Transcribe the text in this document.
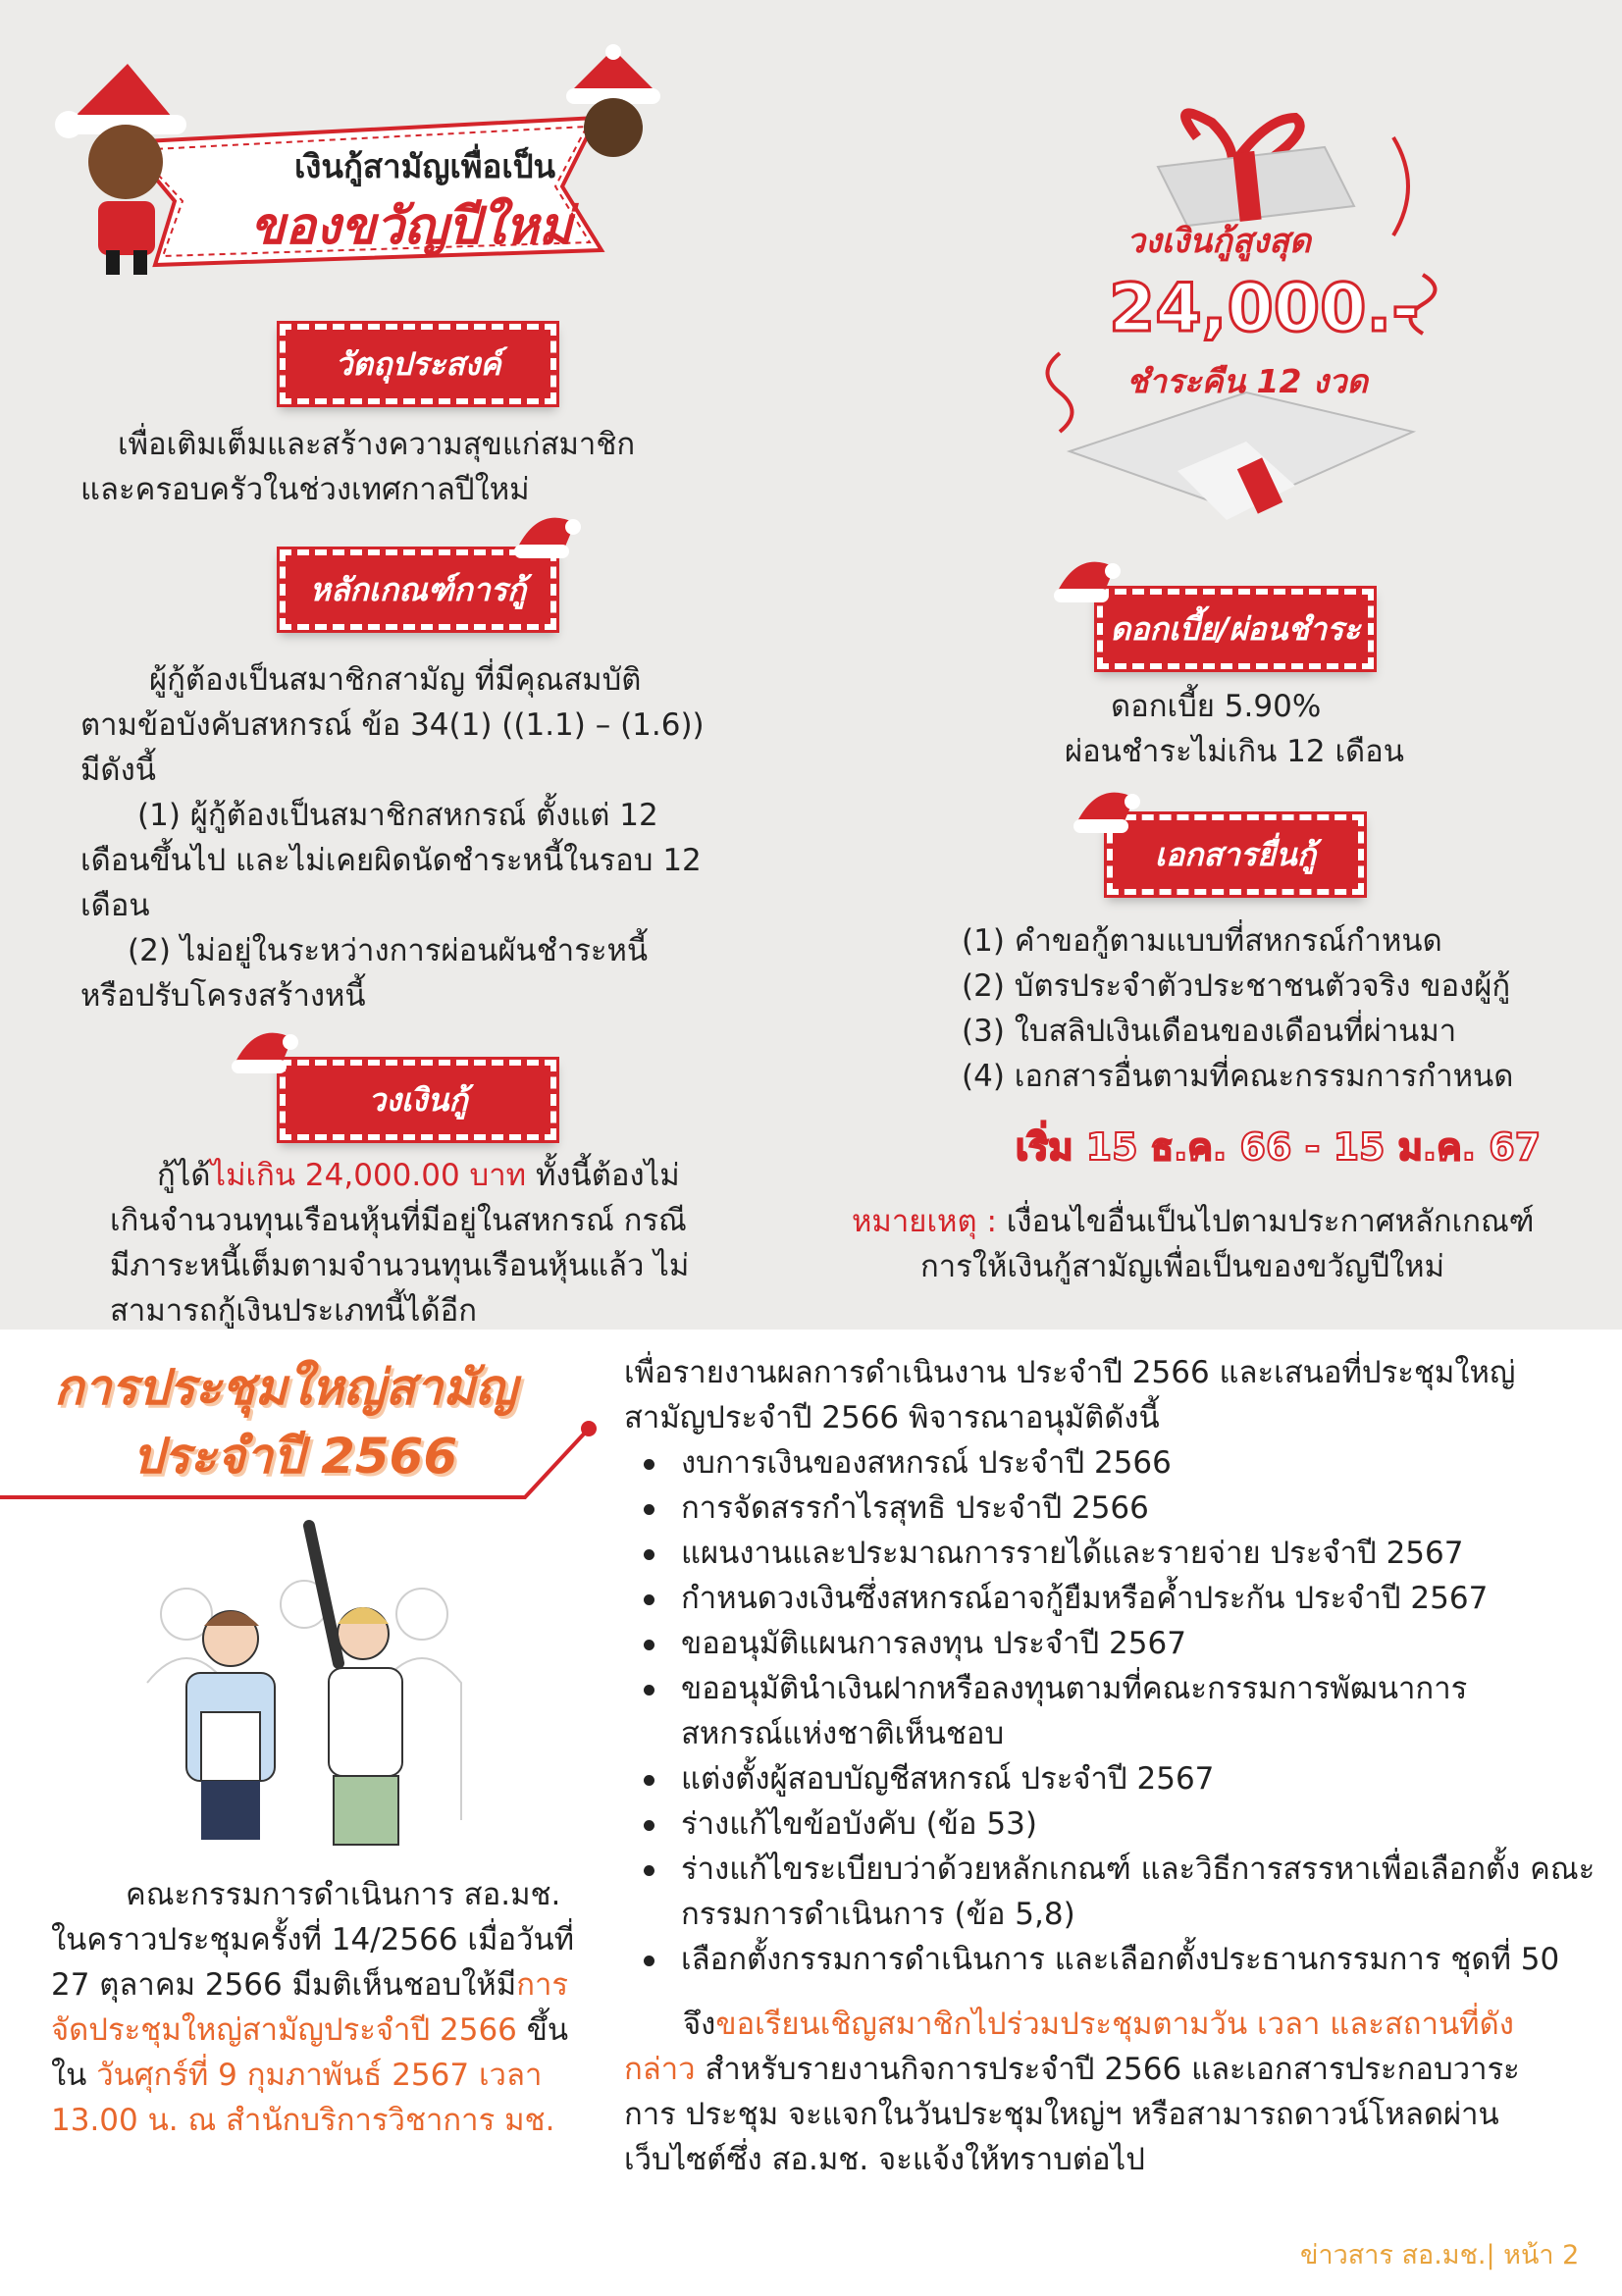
เงินกู้สามัญเพื่อเป็น
ของขวัญปีใหม่
วัตถุประสงค์
เพื่อเติมเต็มและสร้างความสุขแก่สมาชิก
และครอบครัวในช่วงเทศกาลปีใหม่
หลักเกณฑ์การกู้
ผู้กู้ต้องเป็นสมาชิกสามัญ ที่มีคุณสมบัติ
ตามข้อบังคับสหกรณ์ ข้อ 34(1) ((1.1) – (1.6))
มีดังนี้
(1) ผู้กู้ต้องเป็นสมาชิกสหกรณ์ ตั้งแต่ 12
เดือนขึ้นไป และไม่เคยผิดนัดชำระหนี้ในรอบ 12
เดือน
(2) ไม่อยู่ในระหว่างการผ่อนผันชำระหนี้
หรือปรับโครงสร้างหนี้
วงเงินกู้
กู้ได้ไม่เกิน 24,000.00 บาท ทั้งนี้ต้องไม่
เกินจำนวนทุนเรือนหุ้นที่มีอยู่ในสหกรณ์ กรณี
มีภาระหนี้เต็มตามจำนวนทุนเรือนหุ้นแล้ว ไม่
สามารถกู้เงินประเภทนี้ได้อีก
วงเงินกู้สูงสุด
24,000.-
ชำระคืน 12 งวด
ดอกเบี้ย/ผ่อนชำระ
ดอกเบี้ย 5.90%
ผ่อนชำระไม่เกิน 12 เดือน
เอกสารยื่นกู้
(1) คำขอกู้ตามแบบที่สหกรณ์กำหนด
(2) บัตรประจำตัวประชาชนตัวจริง ของผู้กู้
(3) ใบสลิปเงินเดือนของเดือนที่ผ่านมา
(4) เอกสารอื่นตามที่คณะกรรมการกำหนด
เริ่ม 15 ธ.ค. 66 - 15 ม.ค. 67
หมายเหตุ : เงื่อนไขอื่นเป็นไปตามประกาศหลักเกณฑ์
การให้เงินกู้สามัญเพื่อเป็นของขวัญปีใหม่
การประชุมใหญ่สามัญ
ประจำปี 2566
คณะกรรมการดำเนินการ สอ.มช.
ในคราวประชุมครั้งที่ 14/2566 เมื่อวันที่
27 ตุลาคม 2566 มีมติเห็นชอบให้มีการ
จัดประชุมใหญ่สามัญประจำปี 2566 ขึ้น
ใน วันศุกร์ที่ 9 กุมภาพันธ์ 2567 เวลา
13.00 น. ณ สำนักบริการวิชาการ มช.
เพื่อรายงานผลการดำเนินงาน ประจำปี 2566 และเสนอที่ประชุมใหญ่
สามัญประจำปี 2566 พิจารณาอนุมัติดังนี้
งบการเงินของสหกรณ์ ประจำปี 2566
การจัดสรรกำไรสุทธิ ประจำปี 2566
แผนงานและประมาณการรายได้และรายจ่าย ประจำปี 2567
กำหนดวงเงินซึ่งสหกรณ์อาจกู้ยืมหรือค้ำประกัน ประจำปี 2567
ขออนุมัติแผนการลงทุน ประจำปี 2567
ขออนุมัตินำเงินฝากหรือลงทุนตามที่คณะกรรมการพัฒนาการ สหกรณ์แห่งชาติเห็นชอบ
แต่งตั้งผู้สอบบัญชีสหกรณ์ ประจำปี 2567
ร่างแก้ไขข้อบังคับ (ข้อ 53)
ร่างแก้ไขระเบียบว่าด้วยหลักเกณฑ์ และวิธีการสรรหาเพื่อเลือกตั้ง คณะกรรมการดำเนินการ (ข้อ 5,8)
เลือกตั้งกรรมการดำเนินการ และเลือกตั้งประธานกรรมการ ชุดที่ 50
จึงขอเรียนเชิญสมาชิกไปร่วมประชุมตามวัน เวลา และสถานที่ดัง กล่าว สำหรับรายงานกิจการประจำปี 2566 และเอกสารประกอบวาระการ ประชุม จะแจกในวันประชุมใหญ่ฯ หรือสามารถดาวน์โหลดผ่านเว็บไซต์ซึ่ง สอ.มช. จะแจ้งให้ทราบต่อไป
ข่าวสาร สอ.มช.| หน้า 2
